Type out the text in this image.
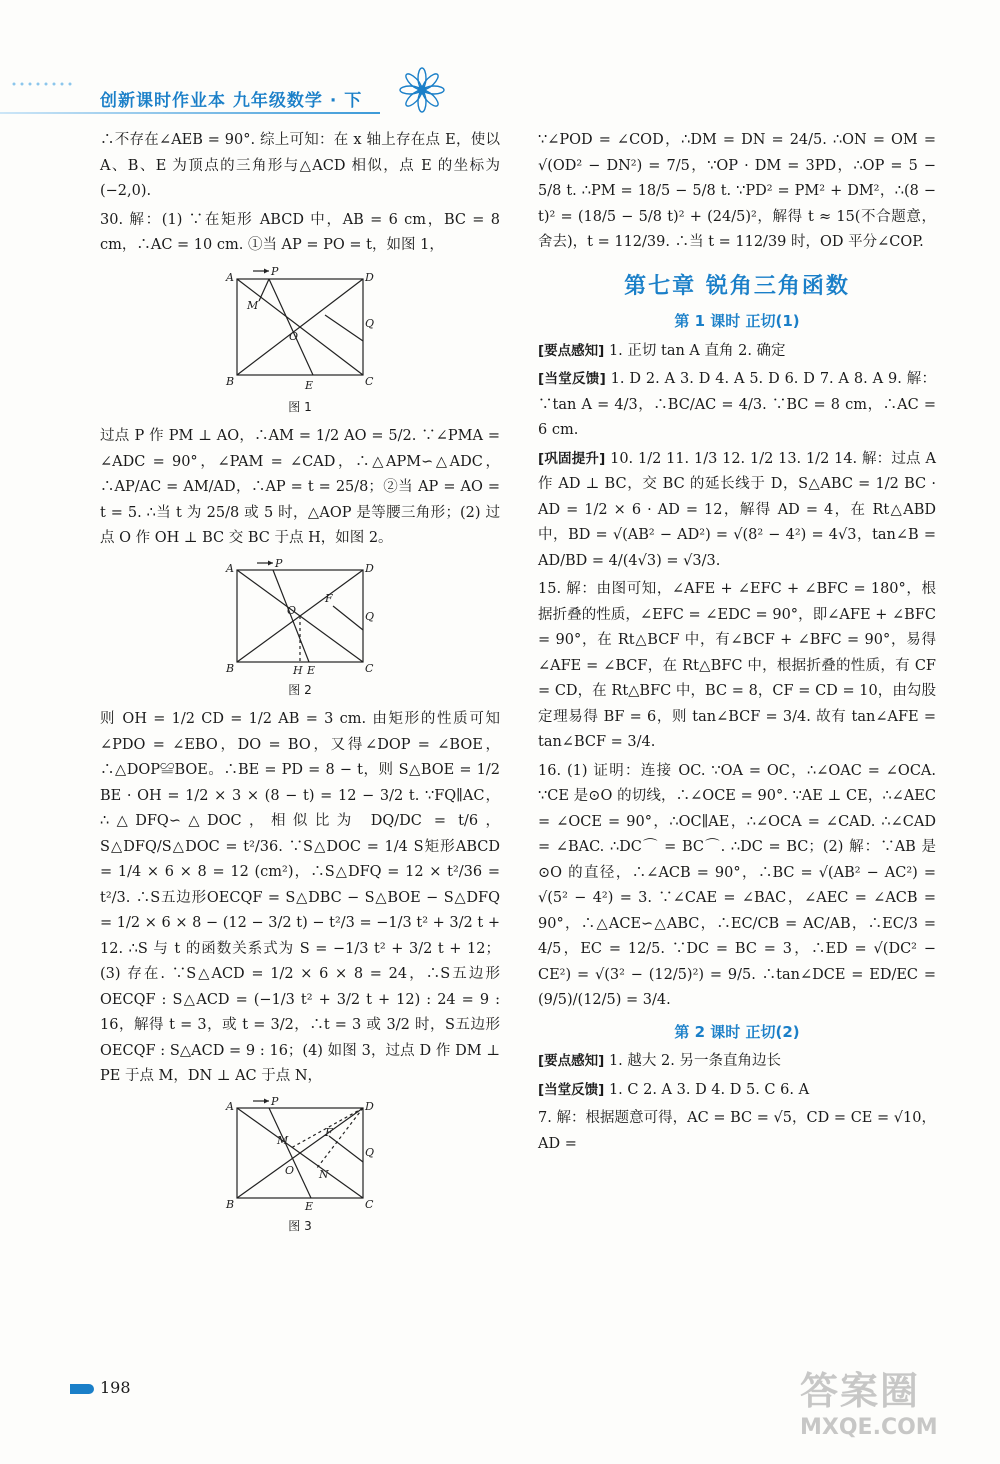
创新课时作业本 九年级数学 · 下

∴不存在∠AEB = 90°. 综上可知：在 x 轴上存在点 E，使以 A、B、E 为顶点的三角形与△ACD 相似，点 E 的坐标为(−2,0).

30. 解：(1) ∵在矩形 ABCD 中，AB = 6 cm，BC = 8 cm，∴AC = 10 cm. ①当 AP = PO = t，如图 1，

A	P	D
B	C
M
O
E
Q
图 1

过点 P 作 PM ⊥ AO，∴AM = 1/2 AO = 5/2. ∵∠PMA = ∠ADC = 90°，∠PAM = ∠CAD，∴△APM∽△ADC，∴AP/AC = AM/AD，∴AP = t = 25/8；②当 AP = AO = t = 5. ∴当 t 为 25/8 或 5 时，△AOP 是等腰三角形；(2) 过点 O 作 OH ⊥ BC 交 BC 于点 H，如图 2。

A	P	D
B	C
O
F
Q
H E
图 2

则 OH = 1/2 CD = 1/2 AB = 3 cm. 由矩形的性质可知∠PDO = ∠EBO，DO = BO，又得∠DOP = ∠BOE，∴△DOP≌BOE。∴BE = PD = 8 − t，则 S△BOE = 1/2 BE · OH = 1/2 × 3 × (8 − t) = 12 − 3/2 t. ∵FQ∥AC，∴△DFQ∽△DOC，相似比为 DQ/DC = t/6，S△DFQ/S△DOC = t²/36. ∵S△DOC = 1/4 S矩形ABCD = 1/4 × 6 × 8 = 12 (cm²)，∴S△DFQ = 12 × t²/36 = t²/3. ∴S五边形OECQF = S△DBC − S△BOE − S△DFQ = 1/2 × 6 × 8 − (12 − 3/2 t) − t²/3 = −1/3 t² + 3/2 t + 12. ∴S 与 t 的函数关系式为 S = −1/3 t² + 3/2 t + 12；(3) 存在. ∵S△ACD = 1/2 × 6 × 8 = 24，∴S五边形OECQF : S△ACD = (−1/3 t² + 3/2 t + 12) : 24 = 9 : 16，解得 t = 3，或 t = 3/2，∴t = 3 或 3/2 时，S五边形OECQF : S△ACD = 9 : 16；(4) 如图 3，过点 D 作 DM ⊥ PE 于点 M，DN ⊥ AC 于点 N，

A	P	D
B	C
M
O
F
N
Q
E
图 3

∵∠POD = ∠COD，∴DM = DN = 24/5. ∴ON = OM = √(OD² − DN²) = 7/5，∵OP · DM = 3PD，∴OP = 5 − 5/8 t. ∴PM = 18/5 − 5/8 t. ∵PD² = PM² + DM²，∴(8 − t)² = (18/5 − 5/8 t)² + (24/5)²，解得 t ≈ 15(不合题意，舍去)，t = 112/39. ∴当 t = 112/39 时，OD 平分∠COP.

第七章 锐角三角函数
第 1 课时 正切(1)

[要点感知] 1. 正切 tan A 直角 2. 确定

[当堂反馈] 1. D 2. A 3. D 4. A 5. D 6. D 7. A 8. A 9. 解：∵tan A = 4/3，∴BC/AC = 4/3. ∵BC = 8 cm，∴AC = 6 cm.

[巩固提升] 10. 1/2 11. 1/3 12. 1/2 13. 1/2 14. 解：过点 A 作 AD ⊥ BC，交 BC 的延长线于 D，S△ABC = 1/2 BC · AD = 1/2 × 6 · AD = 12，解得 AD = 4，在 Rt△ABD 中，BD = √(AB² − AD²) = √(8² − 4²) = 4√3，tan∠B = AD/BD = 4/(4√3) = √3/3.

15. 解：由图可知，∠AFE + ∠EFC + ∠BFC = 180°，根据折叠的性质，∠EFC = ∠EDC = 90°，即∠AFE + ∠BFC = 90°，在 Rt△BCF 中，有∠BCF + ∠BFC = 90°，易得∠AFE = ∠BCF，在 Rt△BFC 中，根据折叠的性质，有 CF = CD，在 Rt△BFC 中，BC = 8，CF = CD = 10，由勾股定理易得 BF = 6，则 tan∠BCF = 3/4. 故有 tan∠AFE = tan∠BCF = 3/4.

16. (1) 证明：连接 OC. ∵OA = OC，∴∠OAC = ∠OCA. ∵CE 是⊙O 的切线，∴∠OCE = 90°. ∵AE ⊥ CE，∴∠AEC = ∠OCE = 90°，∴OC∥AE，∴∠OCA = ∠CAD. ∴∠CAD = ∠BAC. ∴DC⌒ = BC⌒. ∴DC = BC；(2) 解：∵AB 是⊙O 的直径，∴∠ACB = 90°，∴BC = √(AB² − AC²) = √(5² − 4²) = 3. ∵∠CAE = ∠BAC，∠AEC = ∠ACB = 90°，∴△ACE∽△ABC，∴EC/CB = AC/AB，∴EC/3 = 4/5，EC = 12/5. ∵DC = BC = 3，∴ED = √(DC² − CE²) = √(3² − (12/5)²) = 9/5. ∴tan∠DCE = ED/EC = (9/5)/(12/5) = 3/4.

第 2 课时 正切(2)

[要点感知] 1. 越大 2. 另一条直角边长

[当堂反馈] 1. C 2. A 3. D 4. D 5. C 6. A

7. 解：根据题意可得，AC = BC = √5，CD = CE = √10，AD =

198	答案圈
MXQE.COM
